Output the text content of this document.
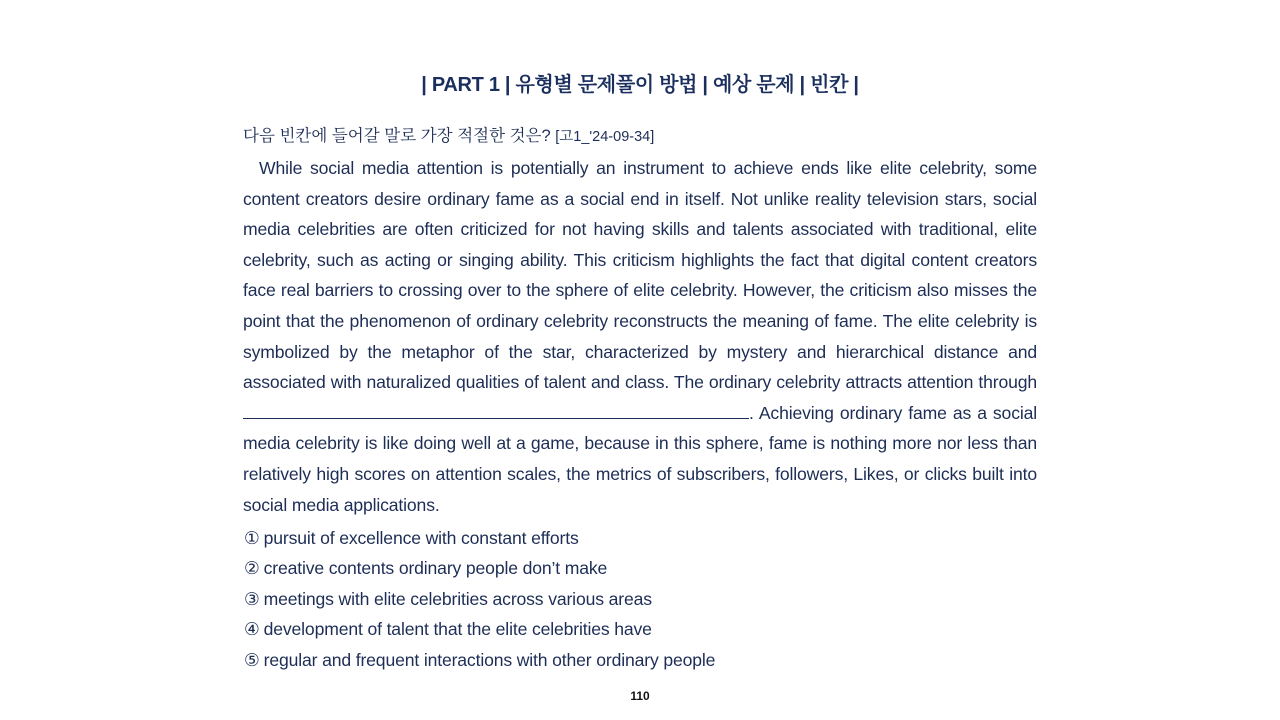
| PART 1 | 유형별 문제풀이 방법 | 예상 문제 | 빈칸 |
다음 빈칸에 들어갈 말로 가장 적절한 것은? [고1_'24-09-34]
While social media attention is potentially an instrument to achieve ends like elite celebrity, some content creators desire ordinary fame as a social end in itself. Not unlike reality television stars, social media celebrities are often criticized for not having skills and talents associated with traditional, elite celebrity, such as acting or singing ability. This criticism highlights the fact that digital content creators face real barriers to crossing over to the sphere of elite celebrity. However, the criticism also misses the point that the phenomenon of ordinary celebrity reconstructs the meaning of fame. The elite celebrity is symbolized by the metaphor of the star, characterized by mystery and hierarchical distance and associated with naturalized qualities of talent and class. The ordinary celebrity attracts attention through. Achieving ordinary fame as a social media celebrity is like doing well at a game, because in this sphere, fame is nothing more nor less than relatively high scores on attention scales, the metrics of subscribers, followers, Likes, or clicks built into social media applications.
① pursuit of excellence with constant efforts
② creative contents ordinary people don’t make
③ meetings with elite celebrities across various areas
④ development of talent that the elite celebrities have
⑤ regular and frequent interactions with other ordinary people
110
